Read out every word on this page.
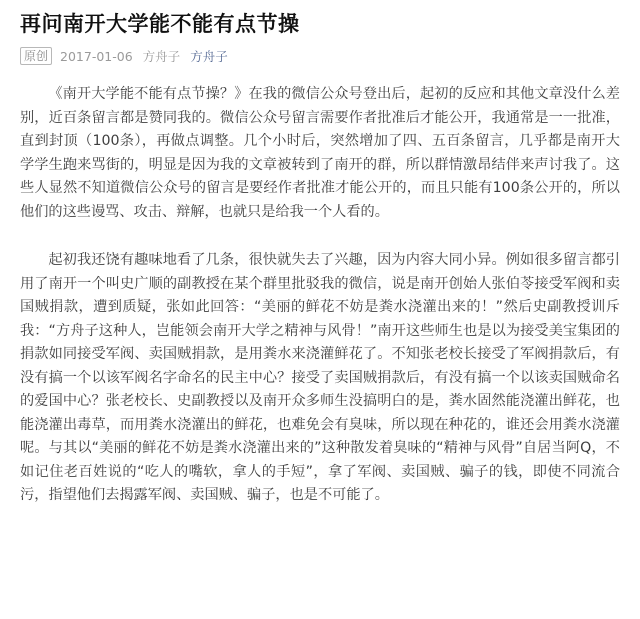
再问南开大学能不能有点节操
原创 2017-01-06 方舟子 方舟子

《南开大学能不能有点节操？》在我的微信公众号登出后，起初的反应和其他文章没什么差别，近百条留言都是赞同我的。微信公众号留言需要作者批准后才能公开，我通常是一一批准，直到封顶（100条），再做点调整。几个小时后，突然增加了四、五百条留言，几乎都是南开大学学生跑来骂街的，明显是因为我的文章被转到了南开的群，所以群情激昂结伴来声讨我了。这些人显然不知道微信公众号的留言是要经作者批准才能公开的，而且只能有100条公开的，所以他们的这些谩骂、攻击、辩解，也就只是给我一个人看的。

起初我还饶有趣味地看了几条，很快就失去了兴趣，因为内容大同小异。例如很多留言都引用了南开一个叫史广顺的副教授在某个群里批驳我的微信，说是南开创始人张伯苓接受军阀和卖国贼捐款，遭到质疑，张如此回答：“美丽的鲜花不妨是粪水浇灌出来的！”然后史副教授训斥我：“方舟子这种人，岂能领会南开大学之精神与风骨！”南开这些师生也是以为接受美宝集团的捐款如同接受军阀、卖国贼捐款，是用粪水来浇灌鲜花了。不知张老校长接受了军阀捐款后，有没有搞一个以该军阀名字命名的民主中心？接受了卖国贼捐款后，有没有搞一个以该卖国贼命名的爱国中心？张老校长、史副教授以及南开众多师生没搞明白的是，粪水固然能浇灌出鲜花，也能浇灌出毒草，而用粪水浇灌出的鲜花，也难免会有臭味，所以现在种花的，谁还会用粪水浇灌呢。与其以“美丽的鲜花不妨是粪水浇灌出来的”这种散发着臭味的“精神与风骨”自居当阿Q，不如记住老百姓说的“吃人的嘴软，拿人的手短”，拿了军阀、卖国贼、骗子的钱，即使不同流合污，指望他们去揭露军阀、卖国贼、骗子，也是不可能了。
